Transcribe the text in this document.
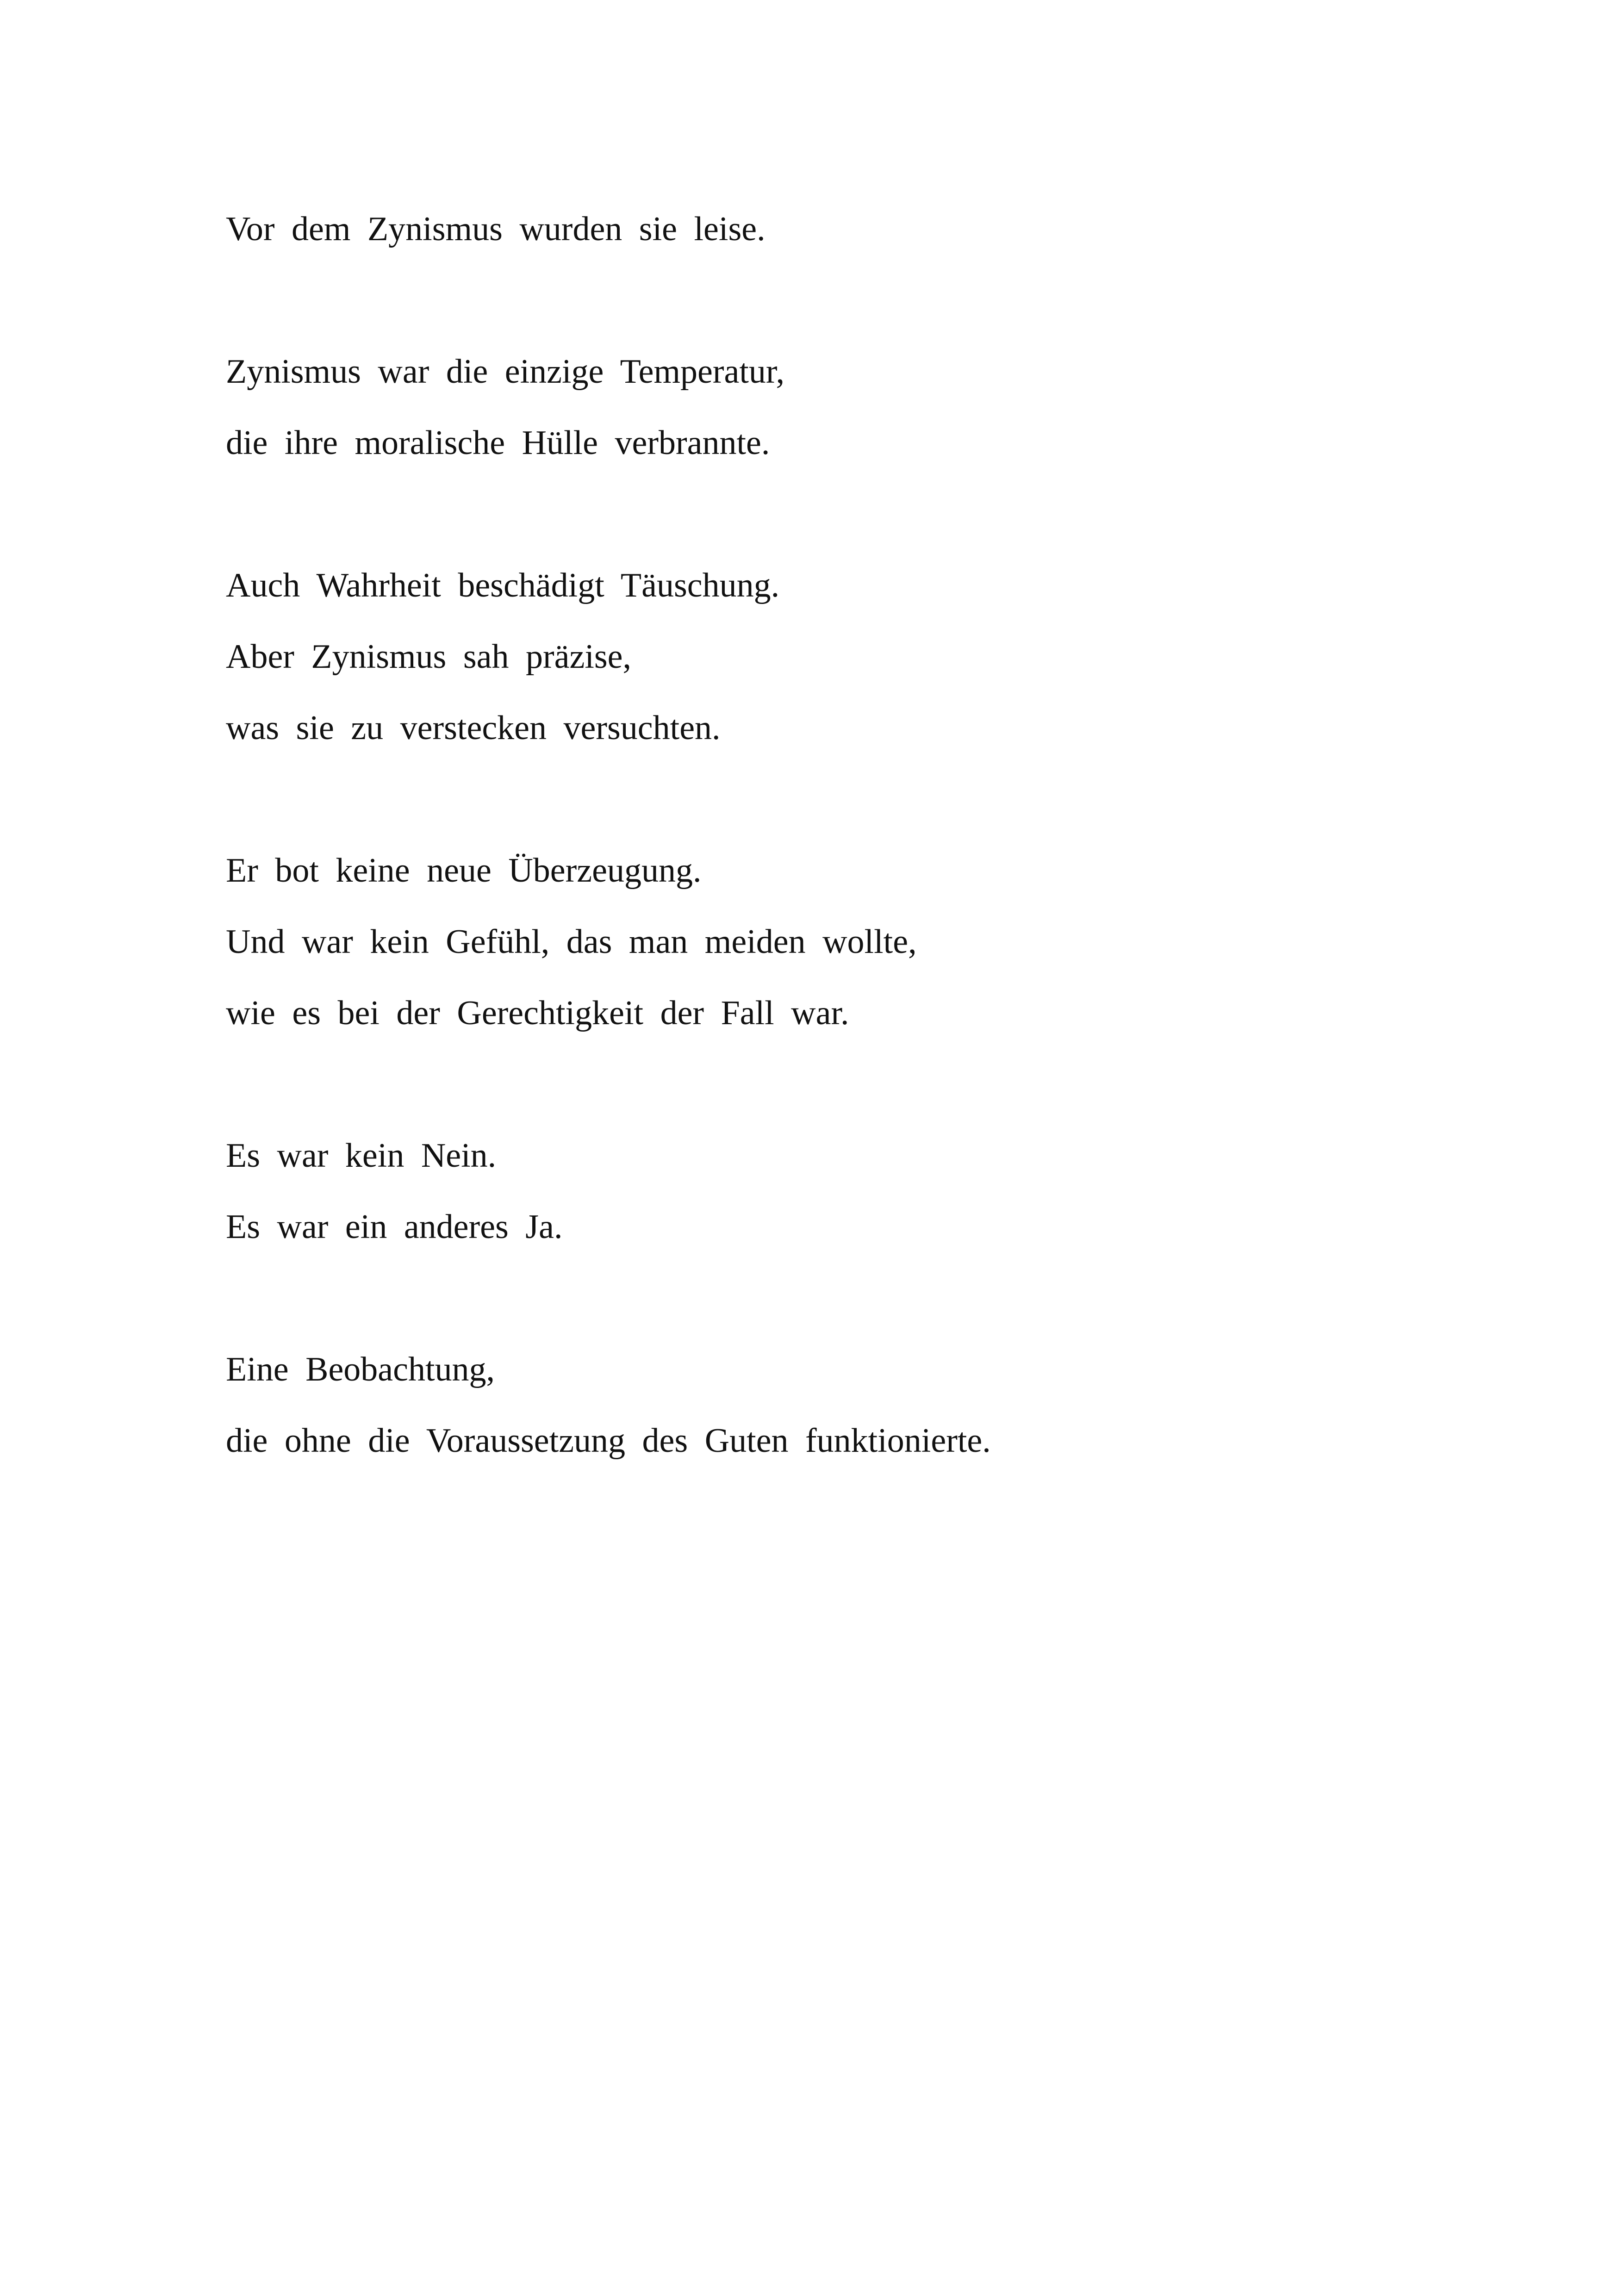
Vor dem Zynismus wurden sie leise.
Zynismus war die einzige Temperatur,
die ihre moralische Hülle verbrannte.
Auch Wahrheit beschädigt Täuschung.
Aber Zynismus sah präzise,
was sie zu verstecken versuchten.
Er bot keine neue Überzeugung.
Und war kein Gefühl, das man meiden wollte,
wie es bei der Gerechtigkeit der Fall war.
Es war kein Nein.
Es war ein anderes Ja.
Eine Beobachtung,
die ohne die Voraussetzung des Guten funktionierte.
